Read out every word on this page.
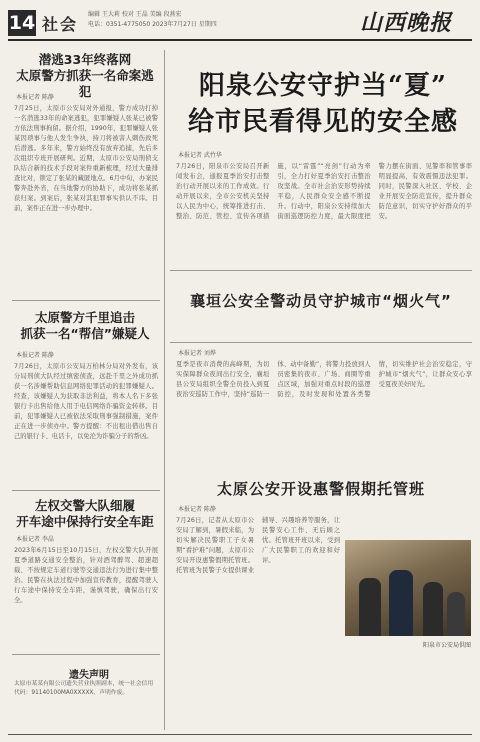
14 社会
编辑 王大莉 校对 王晶 美编 段燕宏
电话：0351-4775050 2023年7月27日 星期四	山西晚报
潜逃33年终落网
太原警方抓获一名命案逃犯
本报记者 陈静
7月25日，太原市公安局对外通报，警方成功打掉一名潜逃33年的命案逃犯，犯罪嫌疑人张某已被警方依法刑事拘留。据介绍，1990年，犯罪嫌疑人张某因琐事与他人发生争执，持刀将被害人刺伤致死后潜逃。多年来，警方始终没有放弃追捕，先后多次组织专班开展研判。近期，太原市公安局刑侦支队结合新的技术手段对案件重新梳理，经过大量排查比对，锁定了张某的藏匿地点。6月中旬，办案民警奔赴外省，在当地警方的协助下，成功将张某抓获归案。到案后，张某对其犯罪事实供认不讳。目前，案件正在进一步办理中。
太原警方千里追击
抓获一名“帮信”嫌疑人
本报记者 陈静
7月26日，太原市公安局万柏林分局对外发布，该分局刑侦大队经过缜密侦查，远赴千里之外成功抓获一名涉嫌帮助信息网络犯罪活动的犯罪嫌疑人。经查，该嫌疑人为获取非法利益，将本人名下多张银行卡出售给他人用于电信网络诈骗资金转移。目前，犯罪嫌疑人已被依法采取刑事强制措施，案件正在进一步侦办中。警方提醒：不出租出借出售自己的银行卡、电话卡，以免沦为诈骗分子的帮凶。
左权交警大队细履
开车途中保持行安全车距
本报记者 李晶
2023年6月15日至10月15日，左权交警大队开展夏季道路交通安全整治，针对酒驾醉驾、超速超载、不按规定车道行驶等交通违法行为进行集中整治。民警在执法过程中加强宣传教育，提醒驾驶人行车途中保持安全车距，谨慎驾驶，确保出行安全。
遗失声明
太原市某某有限公司遗失营业执照副本，统一社会信用代码：91140100MA0XXXXX，声明作废。
阳泉公安守护当“夏”
给市民看得见的安全感
本报记者 武竹华
7月26日，阳泉市公安局召开新闻发布会，通报夏季治安打击整治行动开展以来的工作成效。行动开展以来，全市公安机关坚持以人民为中心，统筹推进打击、整治、防范、管控、宣传各项措施，以“雷霆”“亮剑”行动为牵引，全力打好夏季治安打击整治攻坚战。全市社会治安形势持续平稳，人民群众安全感不断提升。行动中，阳泉公安持续加大街面巡逻防控力度，最大限度把警力摆在街面、见警率和管事率明显提高，有效震慑违法犯罪。同时，民警深入社区、学校、企业开展安全防范宣传，提升群众防范意识，切实守护好群众的平安。
襄垣公安全警动员守护城市“烟火气”
本报记者 刘烨
夏季是夜市消费的高峰期，为切实保障群众夜间出行安全，襄垣县公安局组织全警全员投入到夏夜治安巡防工作中，坚持“巡防一体、动中备勤”，将警力投放到人员密集的夜市、广场、商圈等重点区域，加强对重点时段的巡逻防控，及时发现和处置各类警情，切实维护社会治安稳定，守护城市“烟火气”，让群众安心享受夏夜美好时光。
太原公安开设惠警假期托管班
本报记者 陈静
7月26日，记者从太原市公安局了解到，暑假来临，为切实解决民警职工子女暑期“看护难”问题，太原市公安局开设惠警假期托管班。托管班为民警子女提供课业辅导、兴趣培养等服务，让民警安心工作、无后顾之忧。托管班开班以来，受到广大民警职工的欢迎和好评。
阳泉市公安局供图
